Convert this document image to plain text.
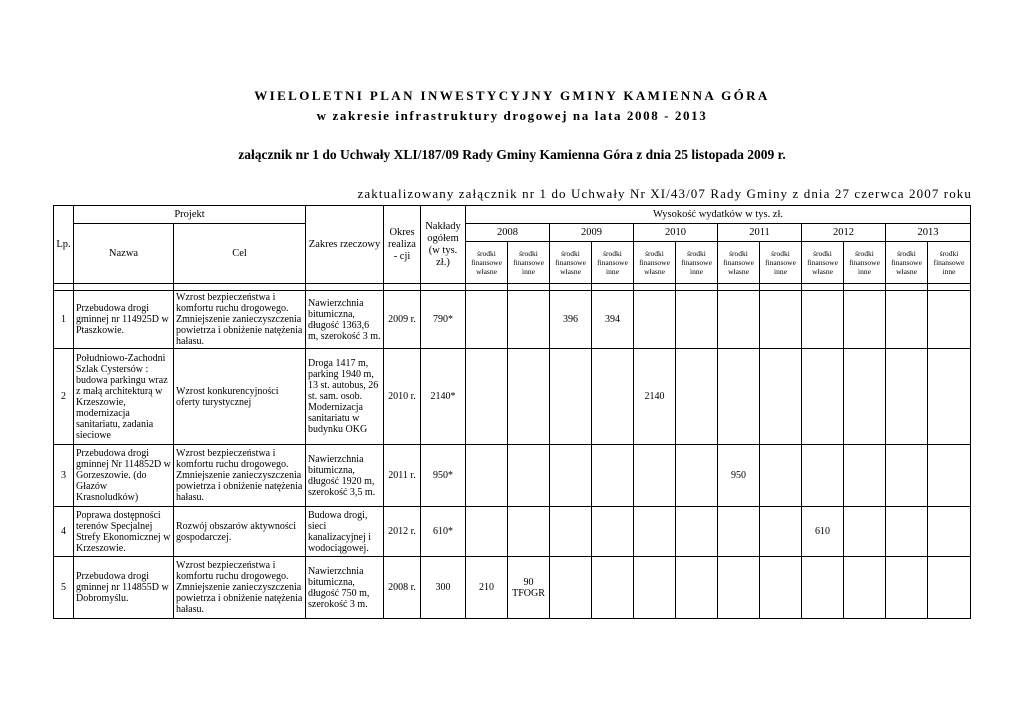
WIELOLETNI PLAN INWESTYCYJNY GMINY KAMIENNA GÓRA
w zakresie infrastruktury drogowej na lata 2008 - 2013
załącznik nr 1 do Uchwały XLI/187/09 Rady Gminy Kamienna Góra z dnia 25 listopada 2009 r.
zaktualizowany załącznik nr 1 do Uchwały Nr XI/43/07 Rady Gminy z dnia 27 czerwca 2007 roku
Lp.	Projekt		Zakres rzeczowy	Okres realiza - cji	Nakłady ogółem (w tys. zł.)	Wysokość wydatków w tys. zł.											
	Nazwa	Cel				2008		2009		2010		2011		2012		2013	
						środki finansowe własne	środki finansowe inne	środki finansowe własne	środki finansowe inne	środki finansowe własne	środki finansowe inne	środki finansowe własne	środki finansowe inne	środki finansowe własne	środki finansowe inne	środki finansowe własne	środki finansowe inne

1	Przebudowa drogi gminnej nr 114925D w Ptaszkowie.	Wzrost bezpieczeństwa i komfortu ruchu drogowego. Zmniejszenie zanieczyszczenia powietrza i obniżenie natężenia hałasu.	Nawierzchnia bitumiczna, długość 1363,6 m, szerokość 3 m.	2009 r.	790*			396	394								
2	Południowo-Zachodni Szlak Cystersów : budowa parkingu wraz z małą architekturą w Krzeszowie, modernizacja sanitariatu, zadania sieciowe	Wzrost konkurencyjności oferty turystycznej	Droga 1417 m, parking 1940 m, 13 st. autobus, 26 st. sam. osob. Modernizacja sanitariatu w budynku OKG	2010 r.	2140*					2140							
3	Przebudowa drogi gminnej Nr 114852D w Gorzeszowie. (do Głazów Krasnoludków)	Wzrost bezpieczeństwa i komfortu ruchu drogowego. Zmniejszenie zanieczyszczenia powietrza i obniżenie natężenia hałasu.	Nawierzchnia bitumiczna, długość 1920 m, szerokość 3,5 m.	2011 r.	950*							950					
4	Poprawa dostępności terenów Specjalnej Strefy Ekonomicznej w Krzeszowie.	Rozwój obszarów aktywności gospodarczej.	Budowa drogi, sieci kanalizacyjnej i wodociągowej.	2012 r.	610*									610			
5	Przebudowa drogi gminnej nr 114855D w Dobromyślu.	Wzrost bezpieczeństwa i komfortu ruchu drogowego. Zmniejszenie zanieczyszczenia powietrza i obniżenie natężenia hałasu.	Nawierzchnia bitumiczna, długość 750 m, szerokość 3 m.	2008 r.	300	210	90 TFOGR										
